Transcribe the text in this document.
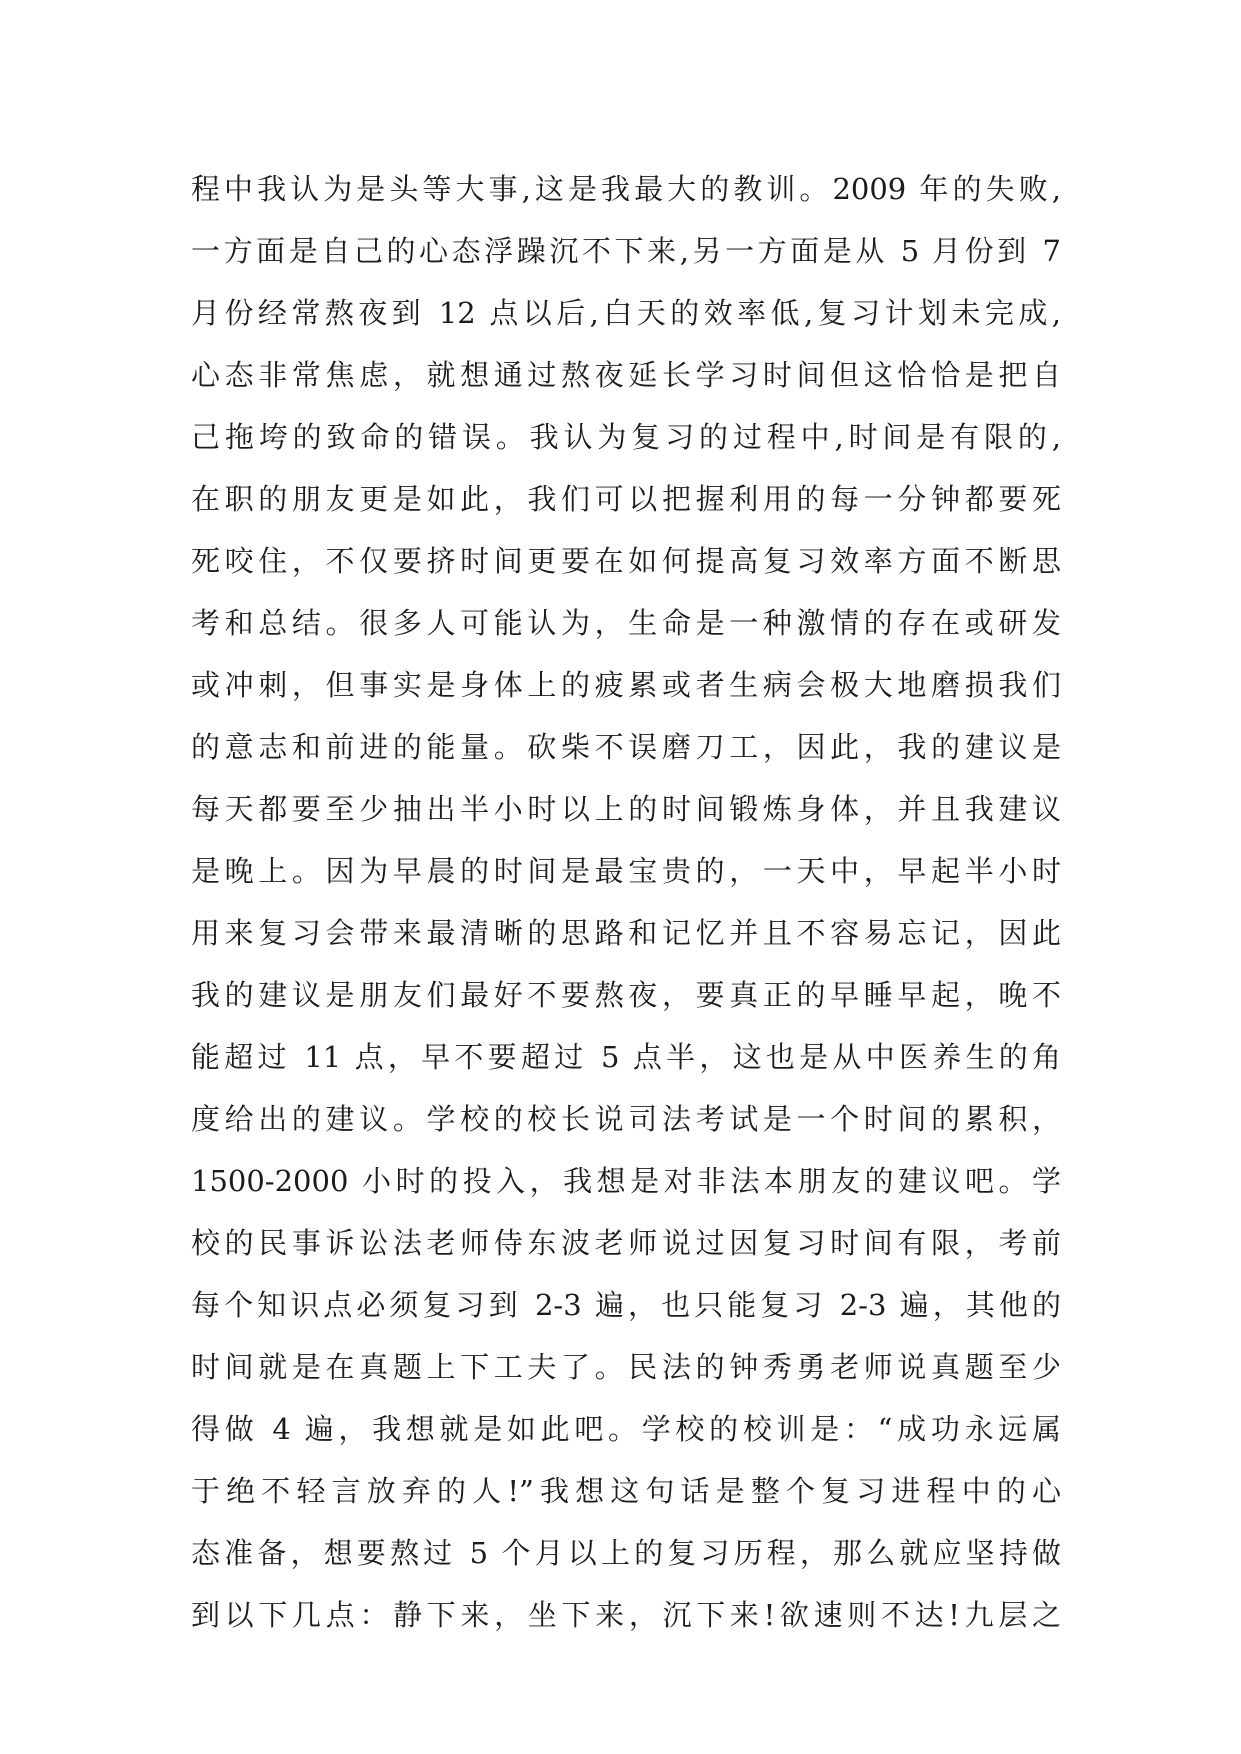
程中我认为是头等大事,这是我最大的教训。2009 年的失败,
一方面是自己的心态浮躁沉不下来,另一方面是从 5 月份到 7
月份经常熬夜到 12 点以后,白天的效率低,复习计划未完成,
心态非常焦虑，就想通过熬夜延长学习时间但这恰恰是把自
己拖垮的致命的错误。我认为复习的过程中,时间是有限的,
在职的朋友更是如此，我们可以把握利用的每一分钟都要死
死咬住，不仅要挤时间更要在如何提高复习效率方面不断思
考和总结。很多人可能认为，生命是一种激情的存在或研发
或冲刺，但事实是身体上的疲累或者生病会极大地磨损我们
的意志和前进的能量。砍柴不误磨刀工，因此，我的建议是
每天都要至少抽出半小时以上的时间锻炼身体，并且我建议
是晚上。因为早晨的时间是最宝贵的，一天中，早起半小时
用来复习会带来最清晰的思路和记忆并且不容易忘记，因此
我的建议是朋友们最好不要熬夜，要真正的早睡早起，晚不
能超过 11 点，早不要超过 5 点半，这也是从中医养生的角
度给出的建议。学校的校长说司法考试是一个时间的累积，
1500-2000 小时的投入，我想是对非法本朋友的建议吧。学
校的民事诉讼法老师侍东波老师说过因复习时间有限，考前
每个知识点必须复习到 2-3 遍，也只能复习 2-3 遍，其他的
时间就是在真题上下工夫了。民法的钟秀勇老师说真题至少
得做 4 遍，我想就是如此吧。学校的校训是：“成功永远属
于绝不轻言放弃的人!”我想这句话是整个复习进程中的心
态准备，想要熬过 5 个月以上的复习历程，那么就应坚持做
到以下几点：静下来，坐下来，沉下来!欲速则不达!九层之
